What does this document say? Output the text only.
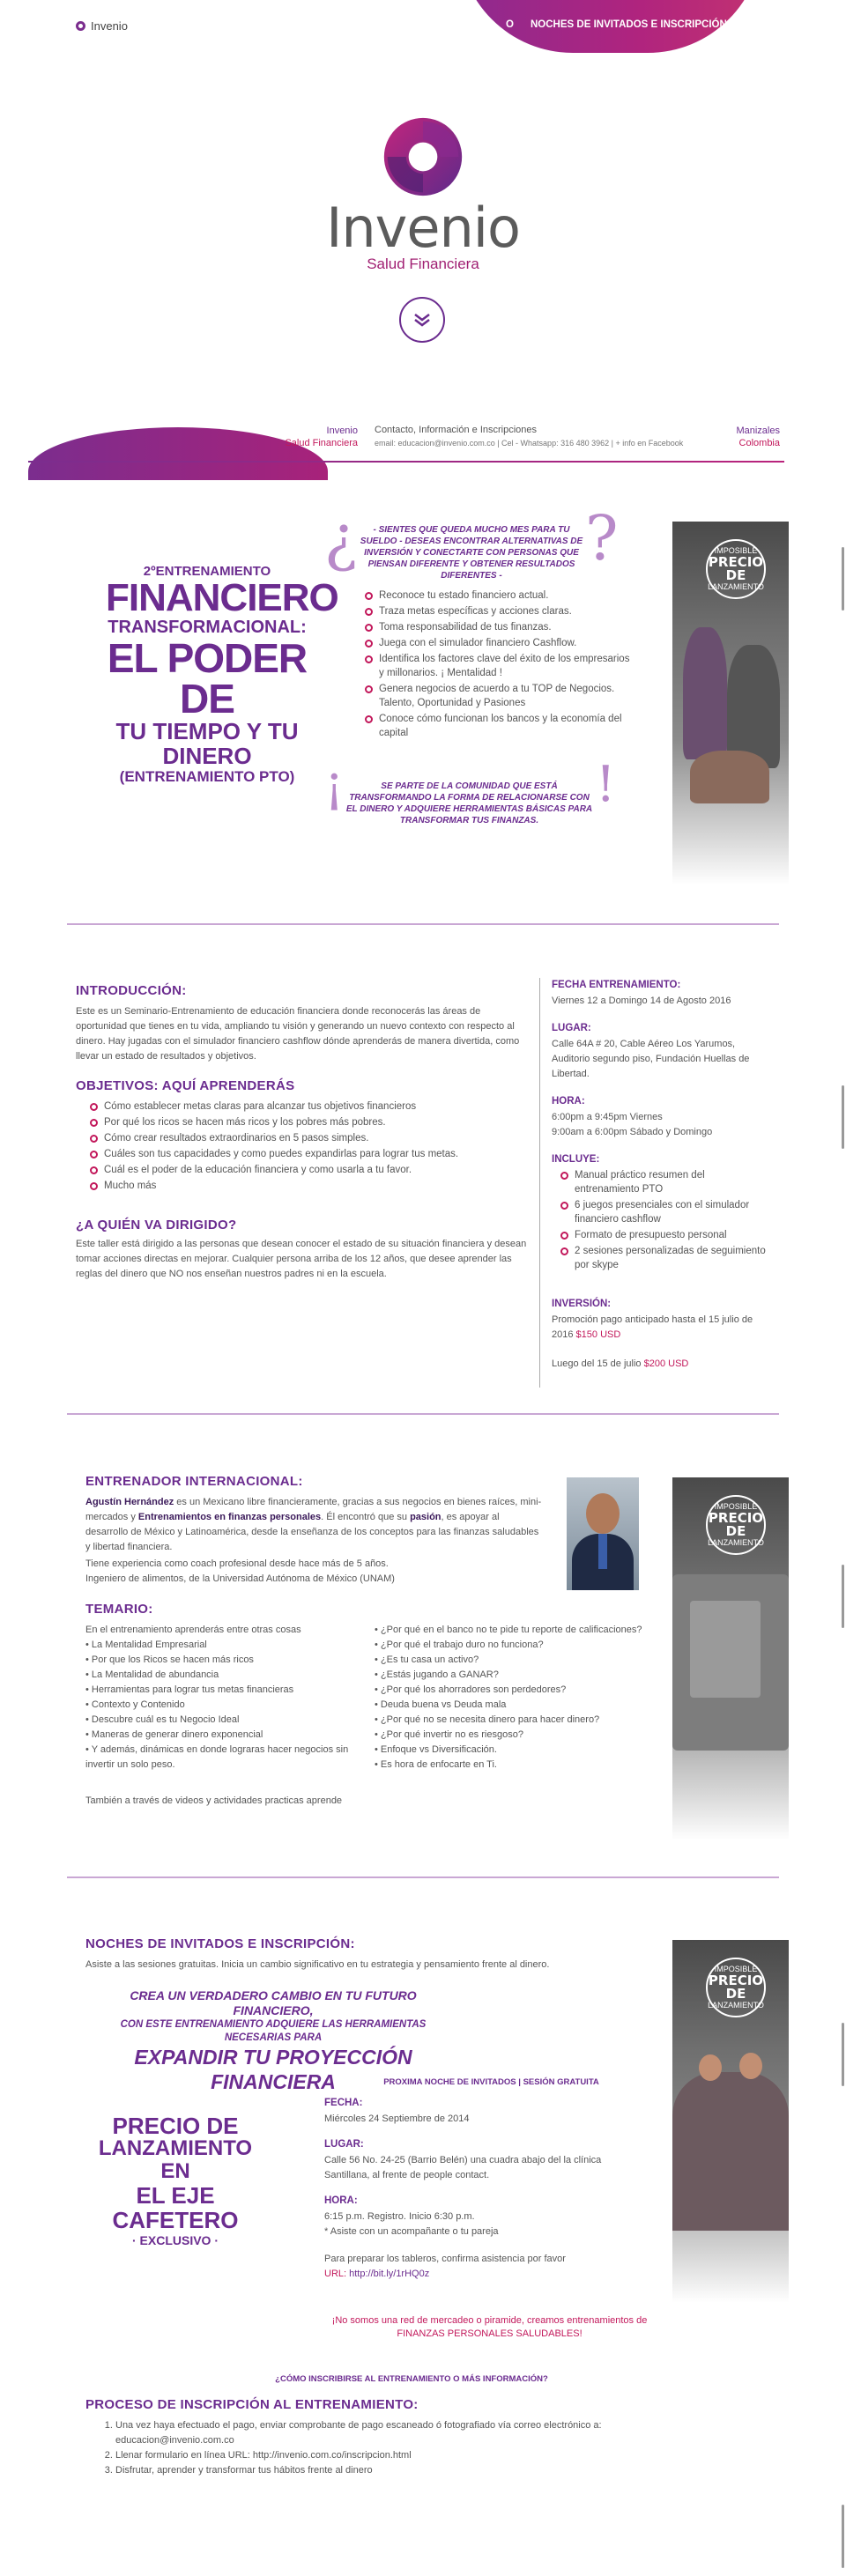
Invenio	O NOCHES DE INVITADOS E INSCRIPCIÓN
Invenio
Salud Financiera
Invenio
Salud Financiera
Contacto, Información e Inscripciones
email: educacion@invenio.com.co | Cel - Whatsapp: 316 480 3962 | + info en Facebook
Manizales
Colombia
2ºENTRENAMIENTO
FINANCIERO
TRANSFORMACIONAL:
EL PODER DE
TU TIEMPO Y TU DINERO
(ENTRENAMIENTO PTO)
¿	?
- SIENTES QUE QUEDA MUCHO MES PARA TU SUELDO - DESEAS ENCONTRAR ALTERNATIVAS DE INVERSIÓN Y CONECTARTE CON PERSONAS QUE PIENSAN DIFERENTE Y OBTENER RESULTADOS DIFERENTES -
Reconoce tu estado financiero actual.
Traza metas específicas y acciones claras.
Toma responsabilidad de tus finanzas.
Juega con el simulador financiero Cashflow.
Identifica los factores clave del éxito de los empresarios y millonarios. ¡ Mentalidad !
Genera negocios de acuerdo a tu TOP de Negocios. Talento, Oportunidad y Pasiones
Conoce cómo funcionan los bancos y la economía del capital
¡	!
SE PARTE DE LA COMUNIDAD QUE ESTÁ TRANSFORMANDO LA FORMA DE RELACIONARSE CON EL DINERO Y ADQUIERE HERRAMIENTAS BÁSICAS PARA TRANSFORMAR TUS FINANZAS.
IMPOSIBLE
PRECIO DE
LANZAMIENTO
INTRODUCCIÓN:

Este es un Seminario-Entrenamiento de educación financiera donde reconocerás las áreas de oportunidad que tienes en tu vida, ampliando tu visión y generando un nuevo contexto con respecto al dinero. Hay jugadas con el simulador financiero cashflow dónde aprenderás de manera divertida, como llevar un estado de resultados y objetivos.

OBJETIVOS: AQUÍ APRENDERÁS
Cómo establecer metas claras para alcanzar tus objetivos financieros
Por qué los ricos se hacen más ricos y los pobres más pobres.
Cómo crear resultados extraordinarios en 5 pasos simples.
Cuáles son tus capacidades y como puedes expandirlas para lograr tus metas.
Cuál es el poder de la educación financiera y como usarla a tu favor.
Mucho más
¿A QUIÉN VA DIRIGIDO?

Este taller está dirigido a las personas que desean conocer el estado de su situación financiera y desean tomar acciones directas en mejorar. Cualquier persona arriba de los 12 años, que desee aprender las reglas del dinero que NO nos enseñan nuestros padres ni en la escuela.

FECHA ENTRENAMIENTO:

Viernes 12 a Domingo 14 de Agosto 2016

LUGAR:

Calle 64A # 20, Cable Aéreo Los Yarumos, Auditorio segundo piso, Fundación Huellas de Libertad.

HORA:

6:00pm a 9:45pm Viernes

9:00am a 6:00pm Sábado y Domingo

INCLUYE:
Manual práctico resumen del entrenamiento PTO
6 juegos presenciales con el simulador financiero cashflow
Formato de presupuesto personal
2 sesiones personalizadas de seguimiento por skype
INVERSIÓN:

Promoción pago anticipado hasta el 15 julio de 2016 $150 USD

Luego del 15 de julio $200 USD

ENTRENADOR INTERNACIONAL:

Agustín Hernández es un Mexicano libre financieramente, gracias a sus negocios en bienes raíces, mini-mercados y Entrenamientos en finanzas personales. Él encontró que su pasión, es apoyar al desarrollo de México y Latinoamérica, desde la enseñanza de los conceptos para las finanzas saludables y libertad financiera.

Tiene experiencia como coach profesional desde hace más de 5 años.

Ingeniero de alimentos, de la Universidad Autónoma de México (UNAM)

TEMARIO:

En el entrenamiento aprenderás entre otras cosas

• La Mentalidad Empresarial
• Por que los Ricos se hacen más ricos
• La Mentalidad de abundancia
• Herramientas para lograr tus metas financieras
• Contexto y Contenido
• Descubre cuál es tu Negocio Ideal
• Maneras de generar dinero exponencial
• Y además, dinámicas en donde lograras hacer negocios sin invertir un solo peso.
• ¿Por qué en el banco no te pide tu reporte de calificaciones?
• ¿Por qué el trabajo duro no funciona?
• ¿Es tu casa un activo?
• ¿Estás jugando a GANAR?
• ¿Por qué los ahorradores son perdedores?
• Deuda buena vs Deuda mala
• ¿Por qué no se necesita dinero para hacer dinero?
• ¿Por qué invertir no es riesgoso?
• Enfoque vs Diversificación.
• Es hora de enfocarte en Ti.

También a través de videos y actividades practicas aprende

IMPOSIBLE
PRECIO DE
LANZAMIENTO
NOCHES DE INVITADOS E INSCRIPCIÓN:

Asiste a las sesiones gratuitas. Inicia un cambio significativo en tu estrategia y pensamiento frente al dinero.

CREA UN VERDADERO CAMBIO EN TU FUTURO FINANCIERO,
CON ESTE ENTRENAMIENTO ADQUIERE LAS HERRAMIENTAS NECESARIAS PARA
EXPANDIR TU PROYECCIÓN FINANCIERA	PROXIMA NOCHE DE INVITADOS | SESIÓN GRATUITA
PRECIO DE
LANZAMIENTO EN
EL EJE CAFETERO
· EXCLUSIVO ·
FECHA:

Miércoles 24 Septiembre de 2014

LUGAR:

Calle 56 No. 24-25 (Barrio Belén) una cuadra abajo del la clínica Santillana, al frente de people contact.

HORA:

6:15 p.m. Registro. Inicio 6:30 p.m.

* Asiste con un acompañante o tu pareja

Para preparar los tableros, confirma asistencia por favor

URL: http://bit.ly/1rHQ0z

¡No somos una red de mercadeo o piramide, creamos entrenamientos de FINANZAS PERSONALES SALUDABLES!

IMPOSIBLE
PRECIO DE
LANZAMIENTO
¿CÓMO INSCRIBIRSE AL ENTRENAMIENTO O MÁS INFORMACIÓN?
PROCESO DE INSCRIPCIÓN AL ENTRENAMIENTO:
1. Una vez haya efectuado el pago, enviar comprobante de pago escaneado ó fotografiado vía correo electrónico a: educacion@invenio.com.co
2. Llenar formulario en línea URL: http://invenio.com.co/inscripcion.html
3. Disfrutar, aprender y transformar tus hábitos frente al dinero
